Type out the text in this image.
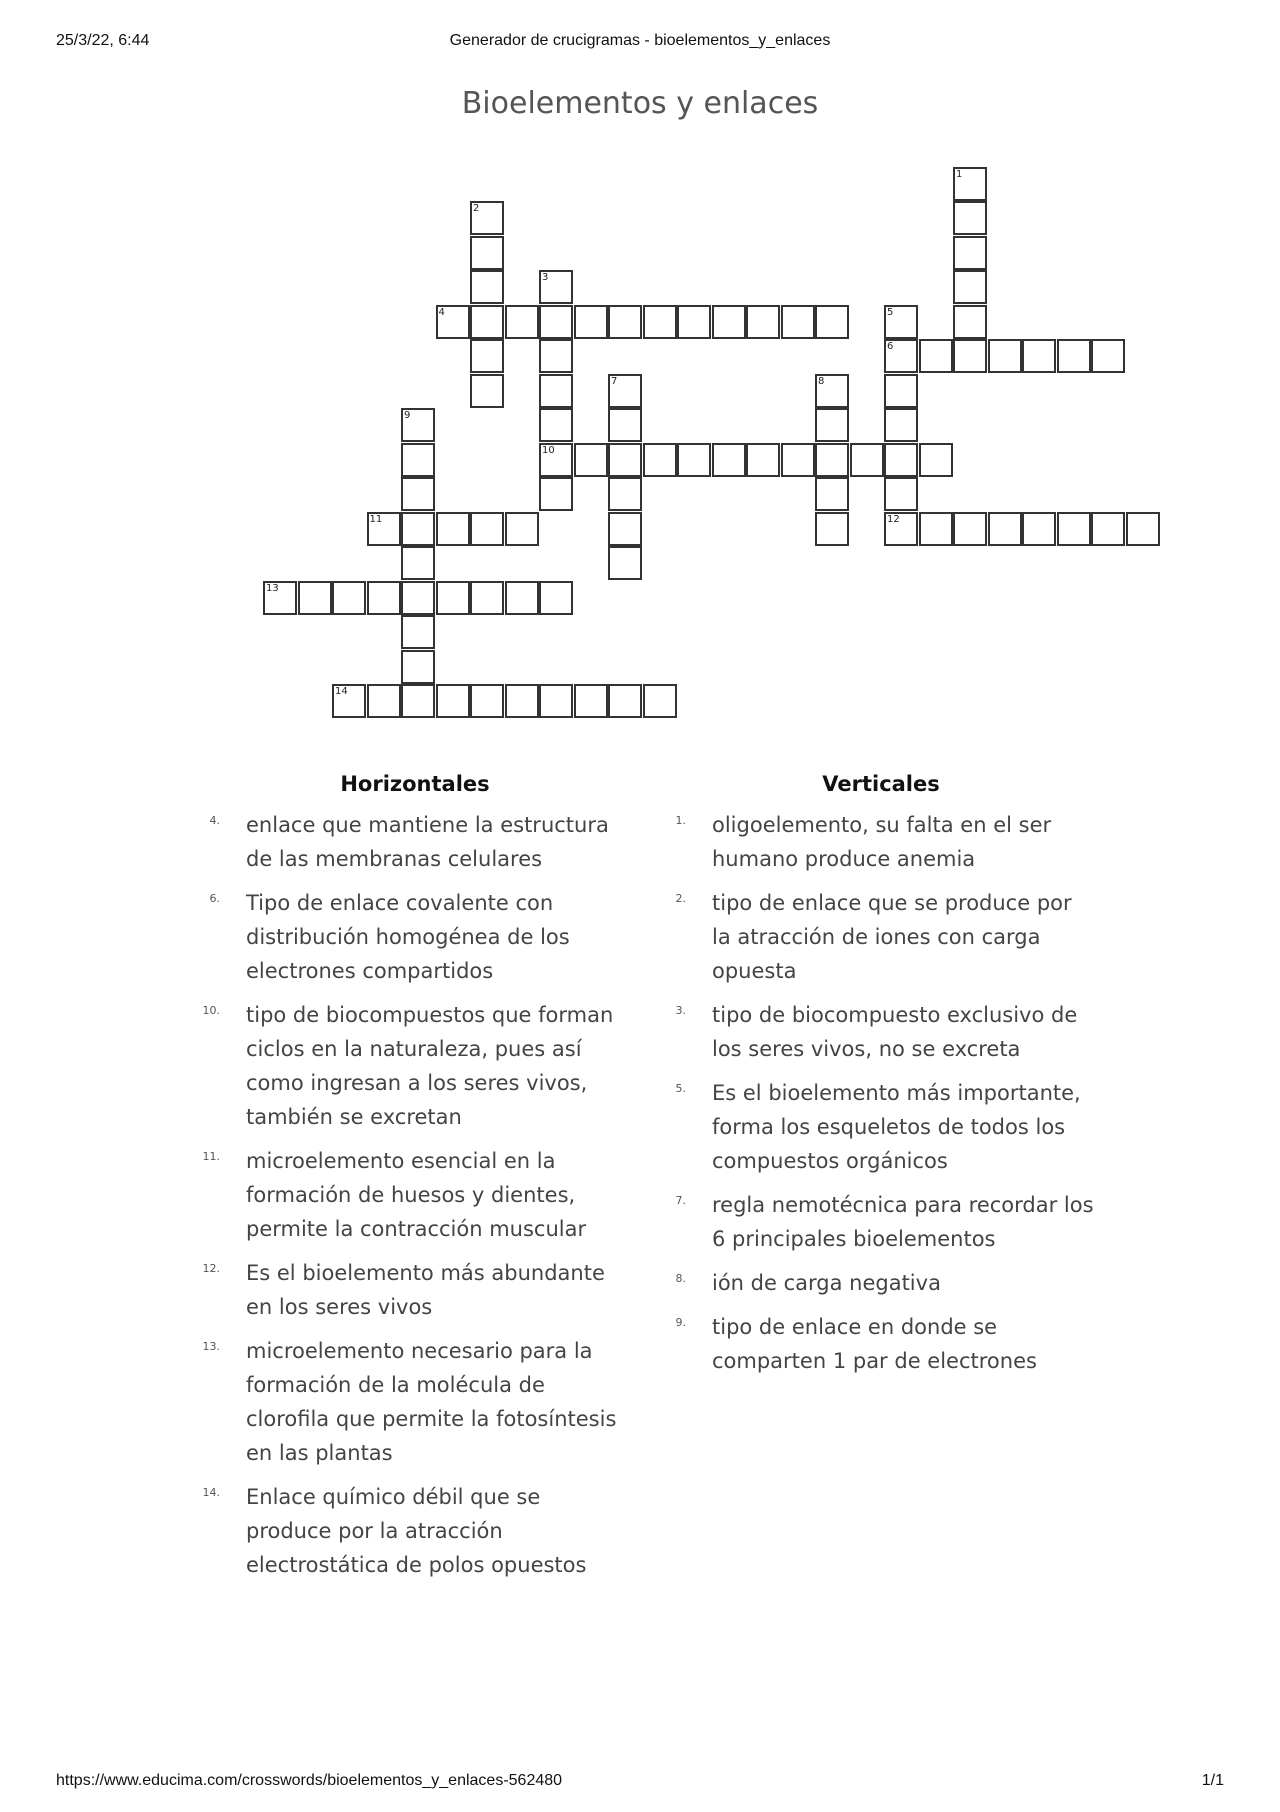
25/3/22, 6:44	Generador de crucigramas - bioelementos_y_enlaces
Bioelementos y enlaces
1
2
3
4	5
6
7	8
9
10
11	12
13
14
Horizontales
4. enlace que mantiene la estructura de las membranas celulares
6. Tipo de enlace covalente con distribución homogénea de los electrones compartidos
10. tipo de biocompuestos que forman ciclos en la naturaleza, pues así como ingresan a los seres vivos, también se excretan
11. microelemento esencial en la formación de huesos y dientes, permite la contracción muscular
12. Es el bioelemento más abundante en los seres vivos
13. microelemento necesario para la formación de la molécula de clorofila que permite la fotosíntesis en las plantas
14. Enlace químico débil que se produce por la atracción electrostática de polos opuestos
Verticales
1. oligoelemento, su falta en el ser humano produce anemia
2. tipo de enlace que se produce por la atracción de iones con carga opuesta
3. tipo de biocompuesto exclusivo de los seres vivos, no se excreta
5. Es el bioelemento más importante, forma los esqueletos de todos los compuestos orgánicos
7. regla nemotécnica para recordar los 6 principales bioelementos
8. ión de carga negativa
9. tipo de enlace en donde se comparten 1 par de electrones
https://www.educima.com/crosswords/bioelementos_y_enlaces-562480	1/1
